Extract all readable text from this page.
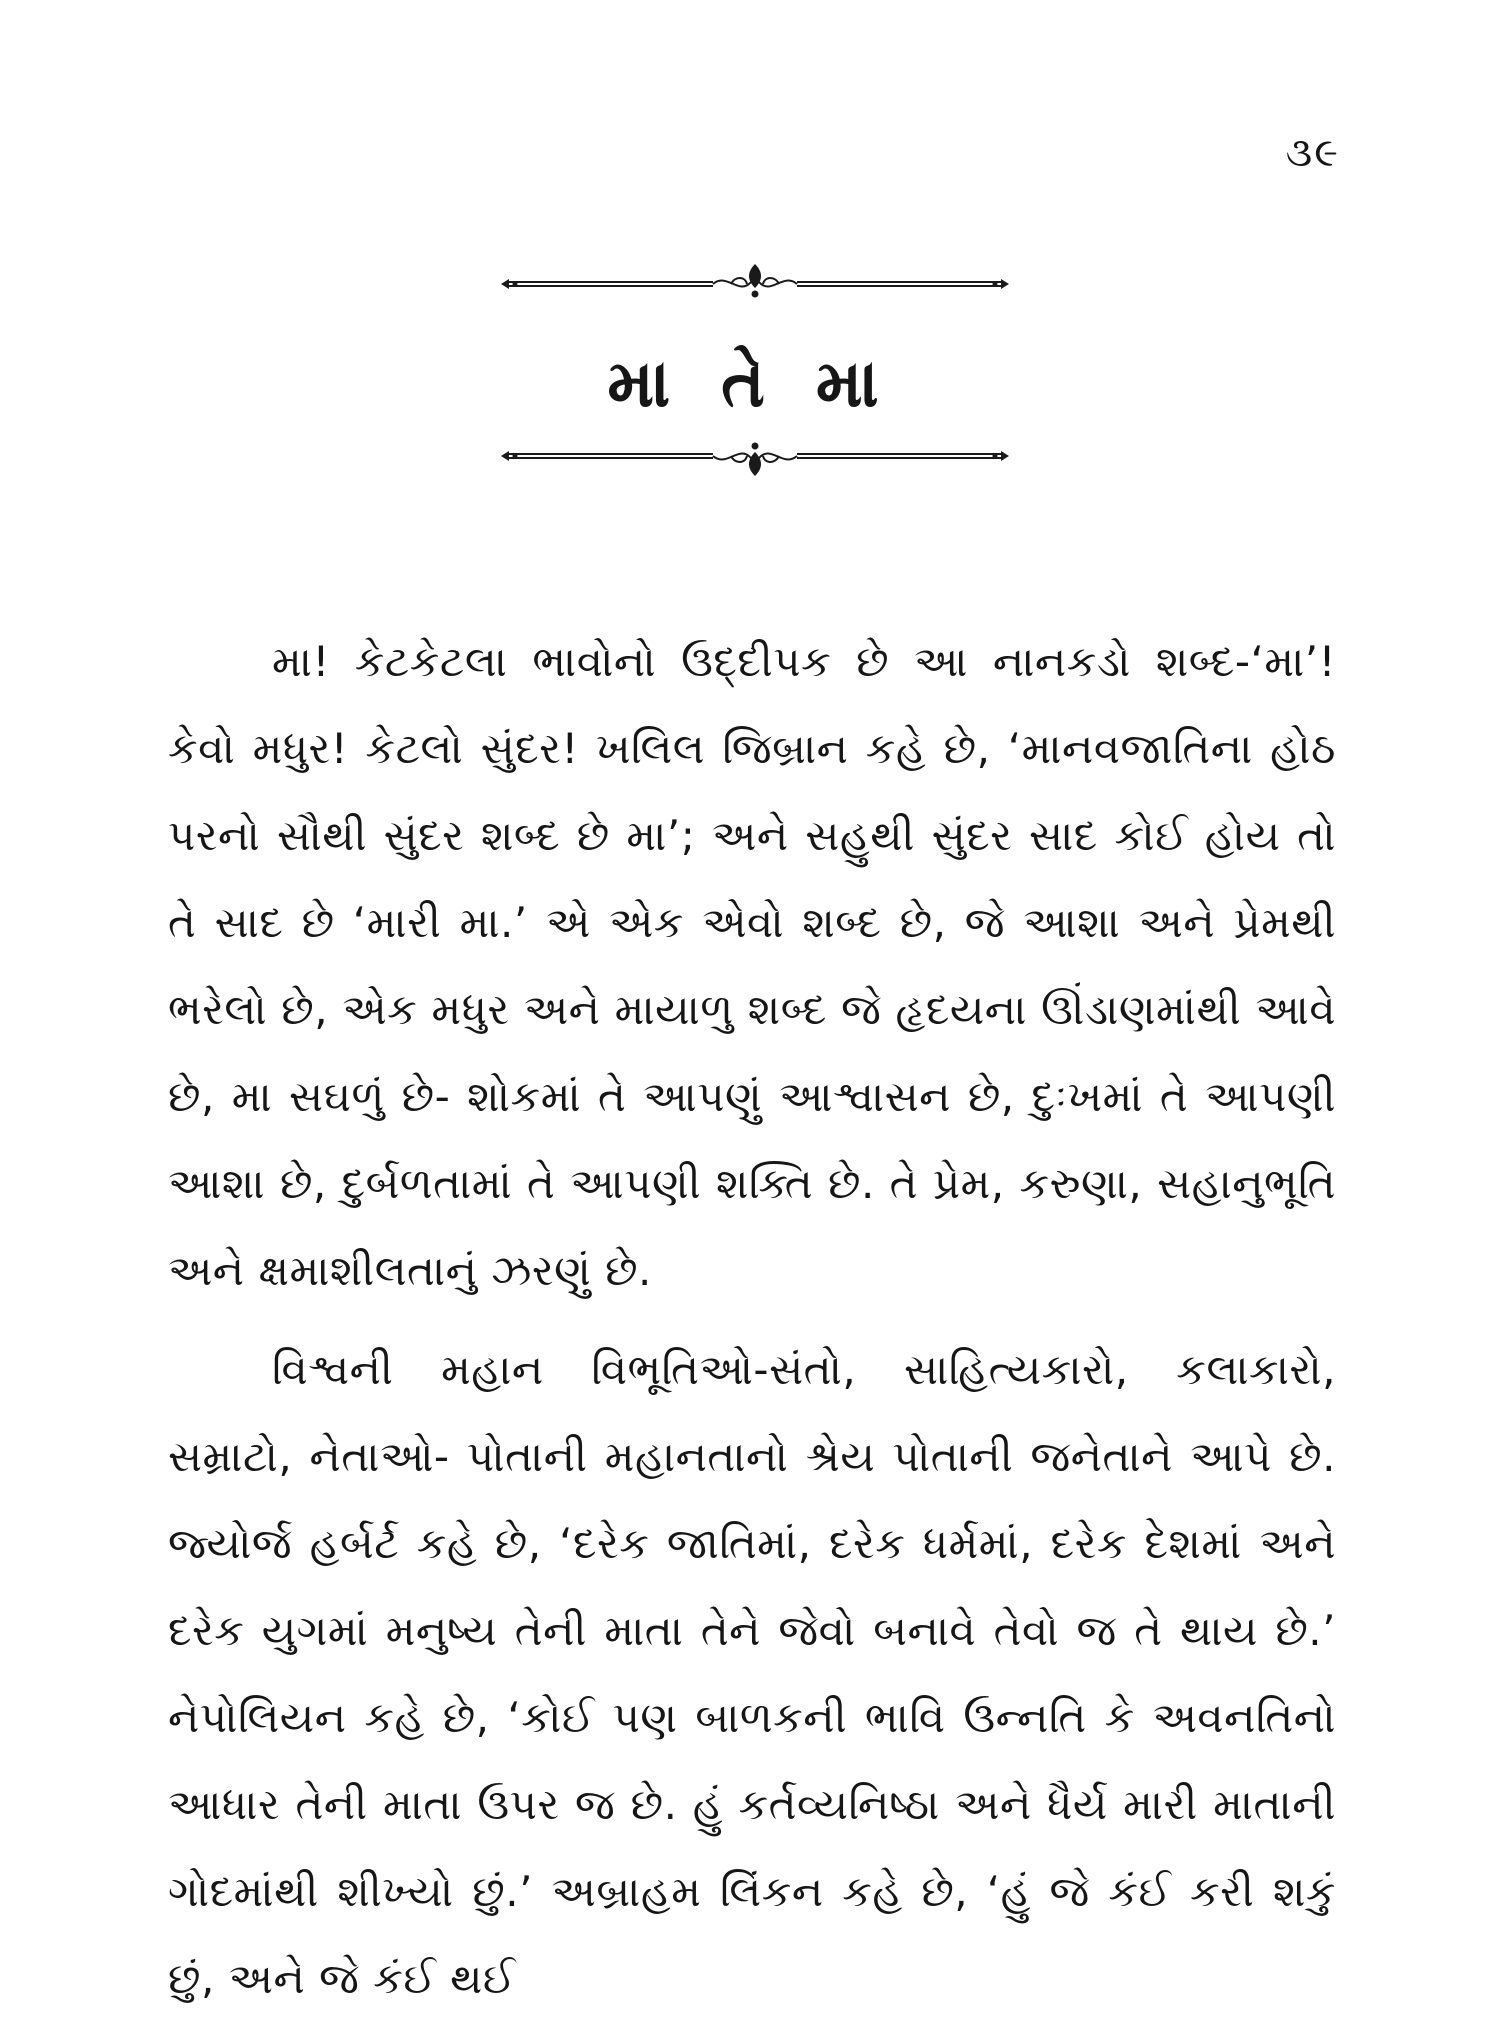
૩૯
મા તે મા

મા! કેટકેટલા ભાવોનો ઉદ્દીપક છે આ નાનકડો શબ્દ-‘મા’! કેવો મધુર! કેટલો સુંદર! ખલિલ જિબ્રાન કહે છે, ‘માનવજાતિના હોઠ પરનો સૌથી સુંદર શબ્દ છે મા’; અને સહુથી સુંદર સાદ કોઈ હોય તો તે સાદ છે ‘મારી મા.’ એ એક એવો શબ્દ છે, જે આશા અને પ્રેમથી ભરેલો છે, એક મધુર અને માયાળુ શબ્દ જે હૃદયના ઊંડાણમાંથી આવે છે, મા સઘળું છે- શોકમાં તે આપણું આશ્વાસન છે, દુઃખમાં તે આપણી આશા છે, દુર્બળતામાં તે આપણી શક્તિ છે. તે પ્રેમ, કરુણા, સહાનુભૂતિ અને ક્ષમાશીલતાનું ઝરણું છે.

વિશ્વની મહાન વિભૂતિઓ-સંતો, સાહિત્યકારો, કલાકારો, સમ્રાટો, નેતાઓ- પોતાની મહાનતાનો શ્રેય પોતાની જનેતાને આપે છે. જ્યોર્જ હર્બર્ટ કહે છે, ‘દરેક જાતિમાં, દરેક ધર્મમાં, દરેક દેશમાં અને દરેક યુગમાં મનુષ્ય તેની માતા તેને જેવો બનાવે તેવો જ તે થાય છે.’ નેપોલિયન કહે છે, ‘કોઈ પણ બાળકની ભાવિ ઉન્નતિ કે અવનતિનો આધાર તેની માતા ઉપર જ છે. હું કર્તવ્યનિષ્ઠા અને ધૈર્ય મારી માતાની ગોદમાંથી શીખ્યો છું.’ અબ્રાહમ લિંકન કહે છે, ‘હું જે કંઈ કરી શકું છું, અને જે કંઈ થઈ
